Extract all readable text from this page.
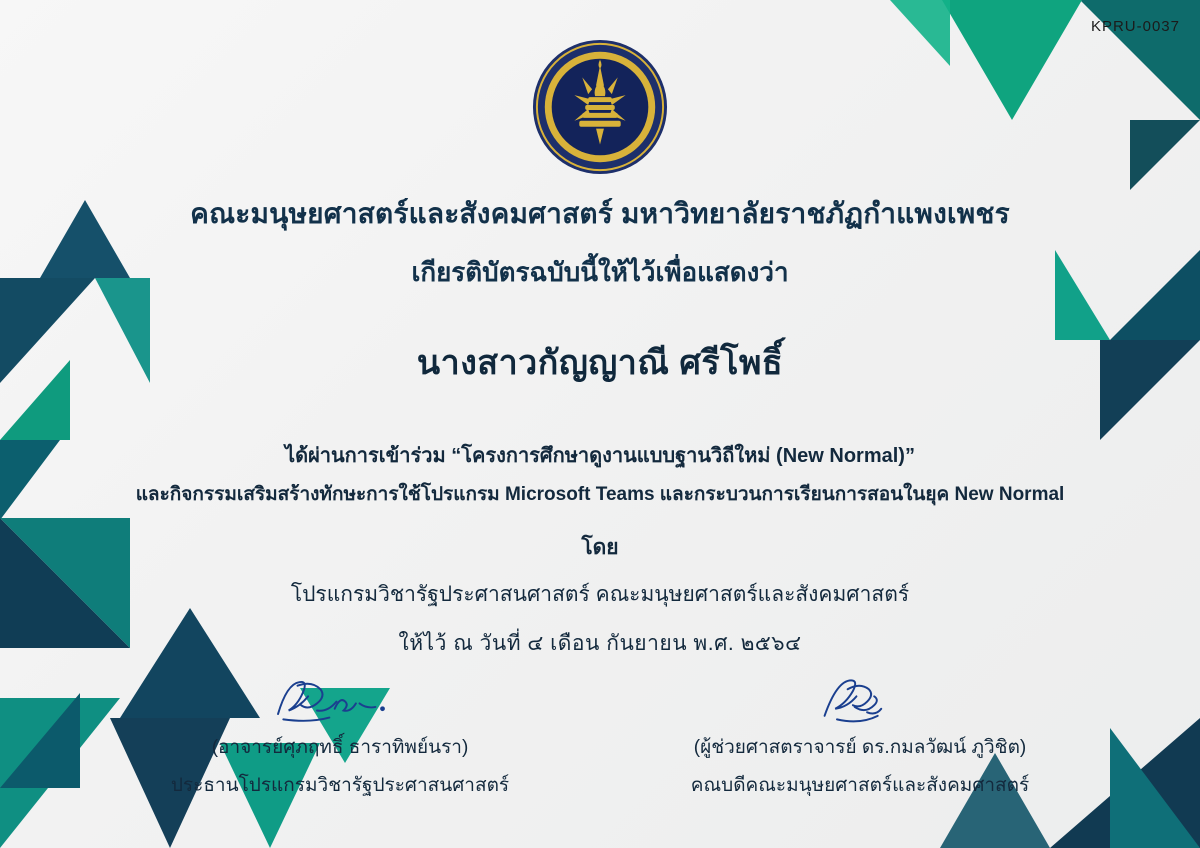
KPRU-0037
คณะมนุษยศาสตร์และสังคมศาสตร์ มหาวิทยาลัยราชภัฏกำแพงเพชร
เกียรติบัตรฉบับนี้ให้ไว้เพื่อแสดงว่า
นางสาวกัญญาณี ศรีโพธิ์
ได้ผ่านการเข้าร่วม “โครงการศึกษาดูงานแบบฐานวิถีใหม่ (New Normal)”
และกิจกรรมเสริมสร้างทักษะการใช้โปรแกรม Microsoft Teams และกระบวนการเรียนการสอนในยุค New Normal
โดย
โปรแกรมวิชารัฐประศาสนศาสตร์ คณะมนุษยศาสตร์และสังคมศาสตร์
ให้ไว้ ณ วันที่ ๔ เดือน กันยายน พ.ศ. ๒๕๖๔
(อาจารย์ศุภฤทธิ์ ธาราทิพย์นรา)
ประธานโปรแกรมวิชารัฐประศาสนศาสตร์
(ผู้ช่วยศาสตราจารย์ ดร.กมลวัฒน์ ภูวิชิต)
คณบดีคณะมนุษยศาสตร์และสังคมศาสตร์
